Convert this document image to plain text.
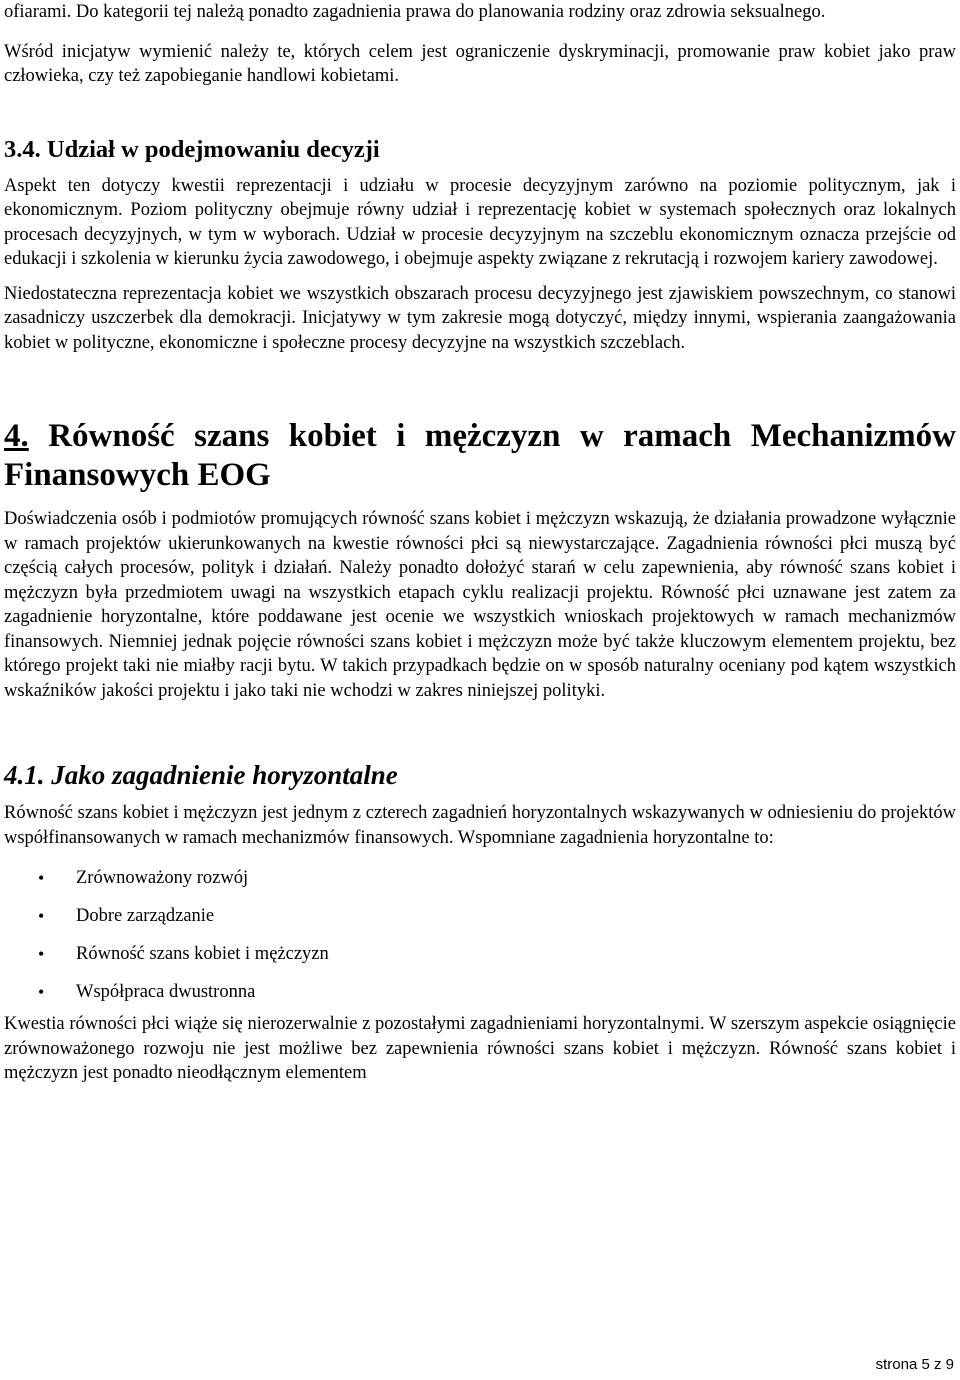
ofiarami. Do kategorii tej należą ponadto zagadnienia prawa do planowania rodziny oraz zdrowia seksualnego.

Wśród inicjatyw wymienić należy te, których celem jest ograniczenie dyskryminacji, promowanie praw kobiet jako praw człowieka, czy też zapobieganie handlowi kobietami.

3.4. Udział w podejmowaniu decyzji

Aspekt ten dotyczy kwestii reprezentacji i udziału w procesie decyzyjnym zarówno na poziomie politycznym, jak i ekonomicznym. Poziom polityczny obejmuje równy udział i reprezentację kobiet w systemach społecznych oraz lokalnych procesach decyzyjnych, w tym w wyborach. Udział w procesie decyzyjnym na szczeblu ekonomicznym oznacza przejście od edukacji i szkolenia w kierunku życia zawodowego, i obejmuje aspekty związane z rekrutacją i rozwojem kariery zawodowej.

Niedostateczna reprezentacja kobiet we wszystkich obszarach procesu decyzyjnego jest zjawiskiem powszechnym, co stanowi zasadniczy uszczerbek dla demokracji. Inicjatywy w tym zakresie mogą dotyczyć, między innymi, wspierania zaangażowania kobiet w polityczne, ekonomiczne i społeczne procesy decyzyjne na wszystkich szczeblach.

4. Równość szans kobiet i mężczyzn w ramach Mechanizmów Finansowych EOG

Doświadczenia osób i podmiotów promujących równość szans kobiet i mężczyzn wskazują, że działania prowadzone wyłącznie w ramach projektów ukierunkowanych na kwestie równości płci są niewystarczające. Zagadnienia równości płci muszą być częścią całych procesów, polityk i działań. Należy ponadto dołożyć starań w celu zapewnienia, aby równość szans kobiet i mężczyzn była przedmiotem uwagi na wszystkich etapach cyklu realizacji projektu. Równość płci uznawane jest zatem za zagadnienie horyzontalne, które poddawane jest ocenie we wszystkich wnioskach projektowych w ramach mechanizmów finansowych. Niemniej jednak pojęcie równości szans kobiet i mężczyzn może być także kluczowym elementem projektu, bez którego projekt taki nie miałby racji bytu. W takich przypadkach będzie on w sposób naturalny oceniany pod kątem wszystkich wskaźników jakości projektu i jako taki nie wchodzi w zakres niniejszej polityki.

4.1. Jako zagadnienie horyzontalne

Równość szans kobiet i mężczyzn jest jednym z czterech zagadnień horyzontalnych wskazywanych w odniesieniu do projektów współfinansowanych w ramach mechanizmów finansowych. Wspomniane zagadnienia horyzontalne to:

• Zrównoważony rozwój
• Dobre zarządzanie
• Równość szans kobiet i mężczyzn
• Współpraca dwustronna

Kwestia równości płci wiąże się nierozerwalnie z pozostałymi zagadnieniami horyzontalnymi. W szerszym aspekcie osiągnięcie zrównoważonego rozwoju nie jest możliwe bez zapewnienia równości szans kobiet i mężczyzn. Równość szans kobiet i mężczyzn jest ponadto nieodłącznym elementem

strona 5 z 9
